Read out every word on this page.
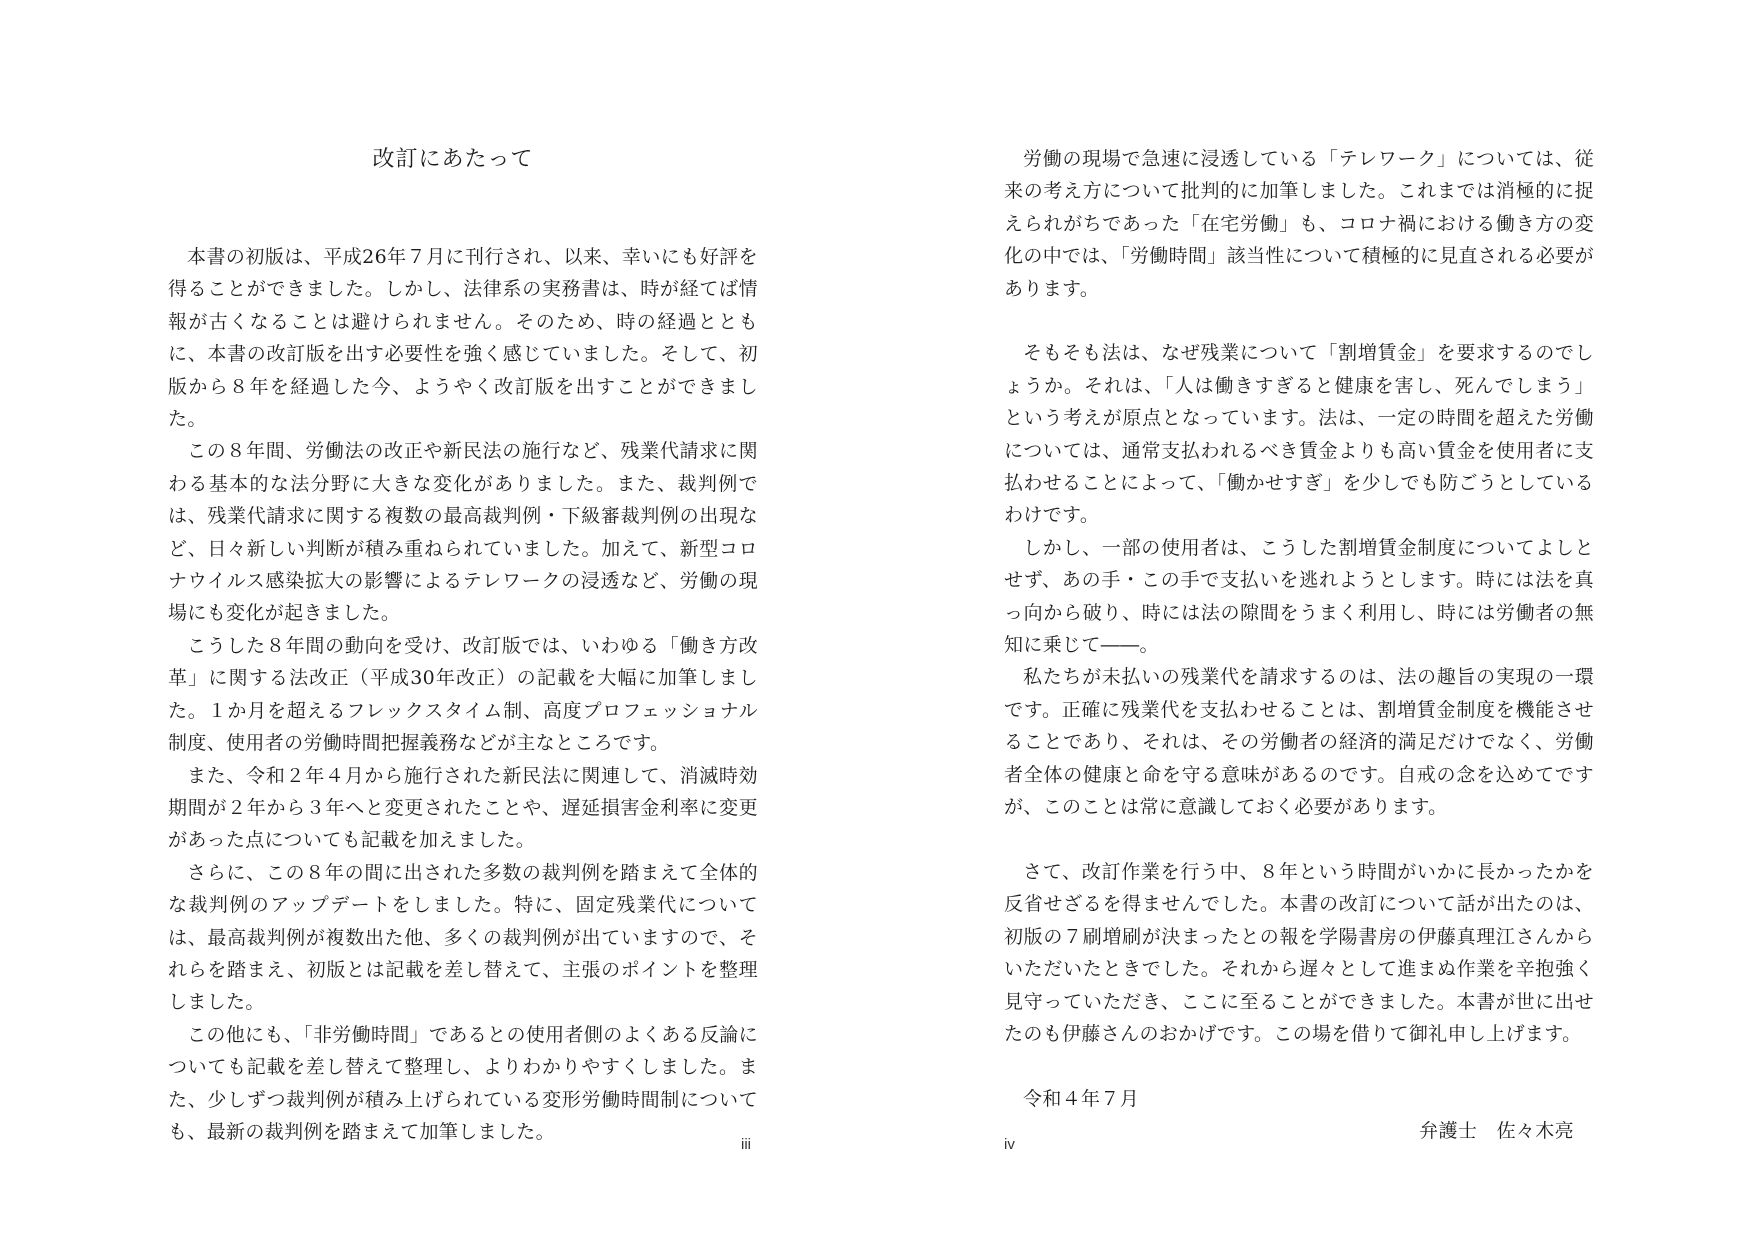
改訂にあたって

本書の初版は、平成26年７月に刊行され、以来、幸いにも好評を得ることができました。しかし、法律系の実務書は、時が経てば情報が古くなることは避けられません。そのため、時の経過とともに、本書の改訂版を出す必要性を強く感じていました。そして、初版から８年を経過した今、ようやく改訂版を出すことができました。

この８年間、労働法の改正や新民法の施行など、残業代請求に関わる基本的な法分野に大きな変化がありました。また、裁判例では、残業代請求に関する複数の最高裁判例・下級審裁判例の出現など、日々新しい判断が積み重ねられていました。加えて、新型コロナウイルス感染拡大の影響によるテレワークの浸透など、労働の現場にも変化が起きました。

こうした８年間の動向を受け、改訂版では、いわゆる「働き方改革」に関する法改正（平成30年改正）の記載を大幅に加筆しました。１か月を超えるフレックスタイム制、高度プロフェッショナル制度、使用者の労働時間把握義務などが主なところです。

また、令和２年４月から施行された新民法に関連して、消滅時効期間が２年から３年へと変更されたことや、遅延損害金利率に変更があった点についても記載を加えました。

さらに、この８年の間に出された多数の裁判例を踏まえて全体的な裁判例のアップデートをしました。特に、固定残業代については、最高裁判例が複数出た他、多くの裁判例が出ていますので、それらを踏まえ、初版とは記載を差し替えて、主張のポイントを整理しました。

この他にも、「非労働時間」であるとの使用者側のよくある反論についても記載を差し替えて整理し、よりわかりやすくしました。また、少しずつ裁判例が積み上げられている変形労働時間制についても、最新の裁判例を踏まえて加筆しました。

iii

労働の現場で急速に浸透している「テレワーク」については、従来の考え方について批判的に加筆しました。これまでは消極的に捉えられがちであった「在宅労働」も、コロナ禍における働き方の変化の中では、「労働時間」該当性について積極的に見直される必要があります。

そもそも法は、なぜ残業について「割増賃金」を要求するのでしょうか。それは、「人は働きすぎると健康を害し、死んでしまう」という考えが原点となっています。法は、一定の時間を超えた労働については、通常支払われるべき賃金よりも高い賃金を使用者に支払わせることによって、「働かせすぎ」を少しでも防ごうとしているわけです。

しかし、一部の使用者は、こうした割増賃金制度についてよしとせず、あの手・この手で支払いを逃れようとします。時には法を真っ向から破り、時には法の隙間をうまく利用し、時には労働者の無知に乗じて――。

私たちが未払いの残業代を請求するのは、法の趣旨の実現の一環です。正確に残業代を支払わせることは、割増賃金制度を機能させることであり、それは、その労働者の経済的満足だけでなく、労働者全体の健康と命を守る意味があるのです。自戒の念を込めてですが、このことは常に意識しておく必要があります。

さて、改訂作業を行う中、８年という時間がいかに長かったかを反省せざるを得ませんでした。本書の改訂について話が出たのは、初版の７刷増刷が決まったとの報を学陽書房の伊藤真理江さんからいただいたときでした。それから遅々として進まぬ作業を辛抱強く見守っていただき、ここに至ることができました。本書が世に出せたのも伊藤さんのおかげです。この場を借りて御礼申し上げます。

令和４年７月

弁護士　佐々木亮

iv
